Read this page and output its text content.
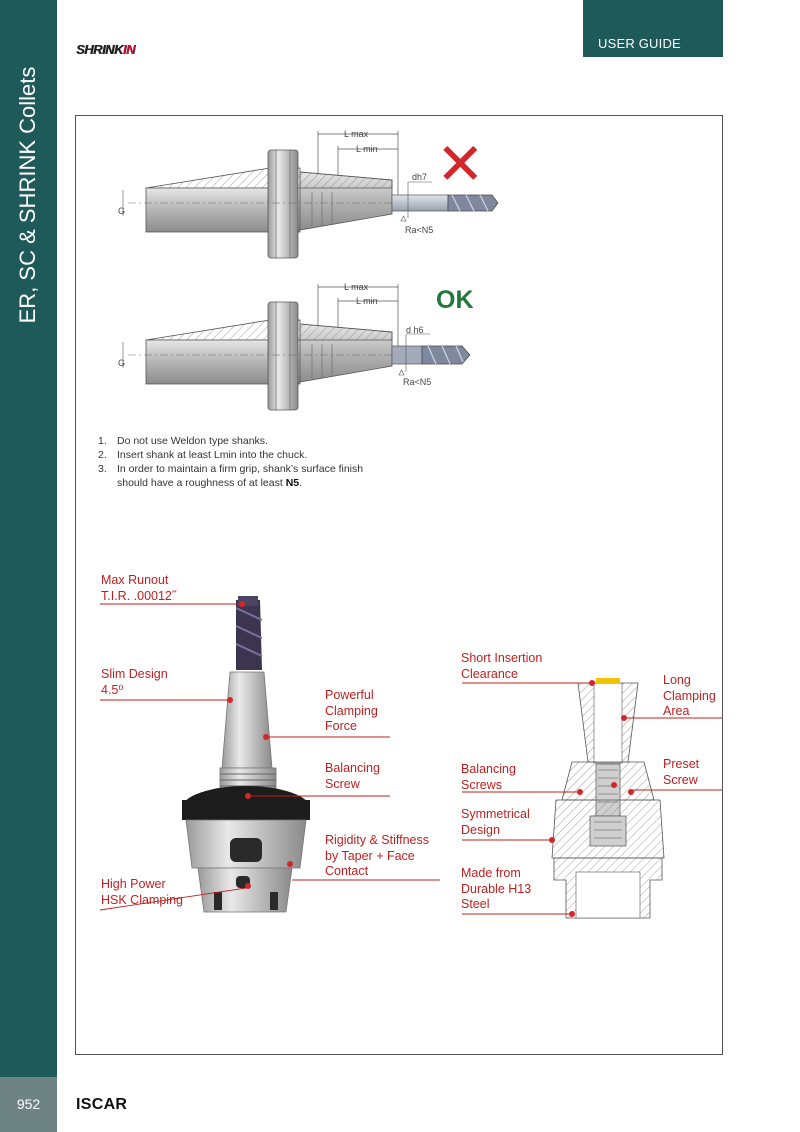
ER, SC & SHRINK Collets
952
USER GUIDE
SHRINKIN
L max
L min
dh7
G
Ra<N5
✕
L max
L min
d h6
G
Ra<N5
OK
1. Do not use Weldon type shanks.
2. Insert shank at least Lmin into the chuck.
3. In order to maintain a firm grip, shank’s surface finish should have a roughness of at least N5.
Max Runout
T.I.R. .00012˝
Slim Design
4.5⁰	Powerful
Clamping
Force
Balancing
Screw
Rigidity & Stiffness
by Taper + Face
Contact
High Power
HSK Clamping
Short Insertion
Clearance	Long
Clamping
Area
Balancing
Screws
Preset
Screw
Symmetrical
Design
Made from
Durable H13
Steel
ISCAR
